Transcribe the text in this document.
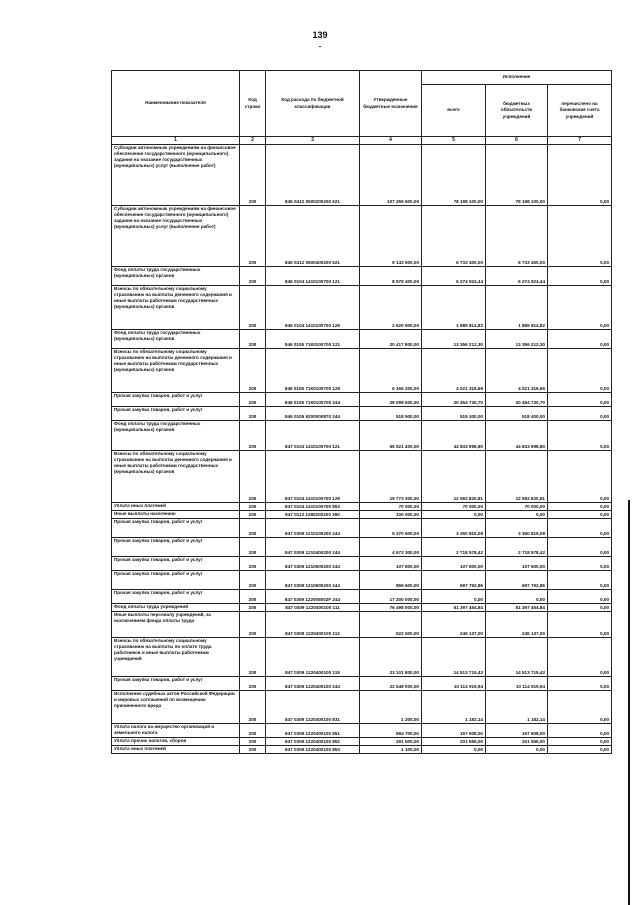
139
Наименование показателя	Код строки	Код расхода по бюджетной классификации	Утвержденные бюджетные назначения	Исполнение		
				всего	бюджетных обязательств учреждений	перечислено на банковские счета учреждений
1	2	3	4	5	6	7
Субсидии автономным учреждениям на финансовое обеспечение государственного (муниципального) задания на оказание государственных (муниципальных) услуг (выполнение работ)	200	845 0412 0500200200 621	107 256 500,00	78 198 100,00	78 198 100,00	0,00
Субсидии автономным учреждениям на финансовое обеспечение государственного (муниципального) задания на оказание государственных (муниципальных) услуг (выполнение работ)	200	845 0412 0500400200 621	9 143 600,00	6 733 400,00	6 733 400,00	0,00
Фонд оплаты труда государственных (муниципальных) органов	200	846 0104 1410100700 121	8 578 400,00	6 274 924,44	6 274 924,44	0,00
Взносы по обязательному социальному страхованию на выплаты денежного содержания и иные выплаты работникам государственных (муниципальных) органов	200	846 0104 1410100700 129	2 620 900,00	1 889 814,82	1 889 814,82	0,00
Фонд оплаты труда государственных (муниципальных) органов	200	846 0105 71К0100700 121	20 417 800,00	13 356 212,30	13 356 212,30	0,00
Взносы по обязательному социальному страхованию на выплаты денежного содержания и иные выплаты работникам государственных (муниципальных) органов	200	846 0105 71К0100700 129	6 166 200,00	4 021 316,66	4 021 316,66	0,00
Прочая закупка товаров, работ и услуг	200	846 0105 71К0100700 244	28 099 500,00	20 454 730,70	20 454 730,70	0,00
Прочая закупка товаров, работ и услуг	200	846 0105 9200000870 244	518 900,00	518 400,00	518 400,00	0,00
Фонд оплаты труда государственных (муниципальных) органов	200	847 0104 1410100700 121	65 521 400,00	44 833 998,80	44 833 998,80	0,00
Взносы по обязательному социальному страхованию на выплаты денежного содержания и иные выплаты работникам государственных (муниципальных) органов	200	847 0104 1410100700 129	19 773 300,00	12 592 820,81	12 592 820,81	0,00
Уплата иных платежей	200	847 0104 1410100700 853	70 000,00	70 000,00	70 000,00	0,00
Иные выплаты населению	200	847 0113 1280200200 360	100 000,00	0,00	0,00	0,00
Прочая закупка товаров, работ и услуг	200	847 0309 1210100200 244	5 370 600,00	3 360 815,08	3 360 815,08	0,00
Прочая закупка товаров, работ и услуг	200	847 0309 1210400200 244	4 672 300,00	2 718 578,42	2 718 578,42	0,00
Прочая закупка товаров, работ и услуг	200	847 0309 1210500200 244	107 600,00	107 600,00	107 600,00	0,00
Прочая закупка товаров, работ и услуг	200	847 0309 1210600200 244	859 600,00	697 792,86	697 792,86	0,00
Прочая закупка товаров, работ и услуг	200	847 0309 122005002F 244	17 200 000,00	0,00	0,00	0,00
Фонд оплаты труда учреждений	200	847 0309 1220400100 111	76 498 000,00	51 397 464,84	51 397 464,84	0,00
Иные выплаты персоналу учреждений, за исключением фонда оплаты труда	200	847 0309 1220400100 112	522 500,00	245 137,00	245 137,00	0,00
Взносы по обязательному социальному страхованию на выплаты по оплате труда работников и иные выплаты работникам учреждений	200	847 0309 1220400100 119	23 101 800,00	14 513 715,43	14 513 715,43	0,00
Прочая закупка товаров, работ и услуг	200	847 0309 1220400100 244	22 649 000,00	10 114 919,94	10 114 919,94	0,00
Исполнение судебных актов Российской Федерации и мировых соглашений по возмещению причиненного вреда	200	847 0309 1220400100 831	1 200,00	1 182,14	1 182,14	0,00
Уплата налога на имущество организаций и земельного налога	200	847 0309 1220400100 851	584 700,00	157 608,00	157 608,00	0,00
Уплата прочих налогов, сборов	200	847 0309 1220400100 852	291 500,00	201 556,00	201 556,00	0,00
Уплата иных платежей	200	847 0309 1220400100 853	1 100,00	0,00	0,00	0,00
